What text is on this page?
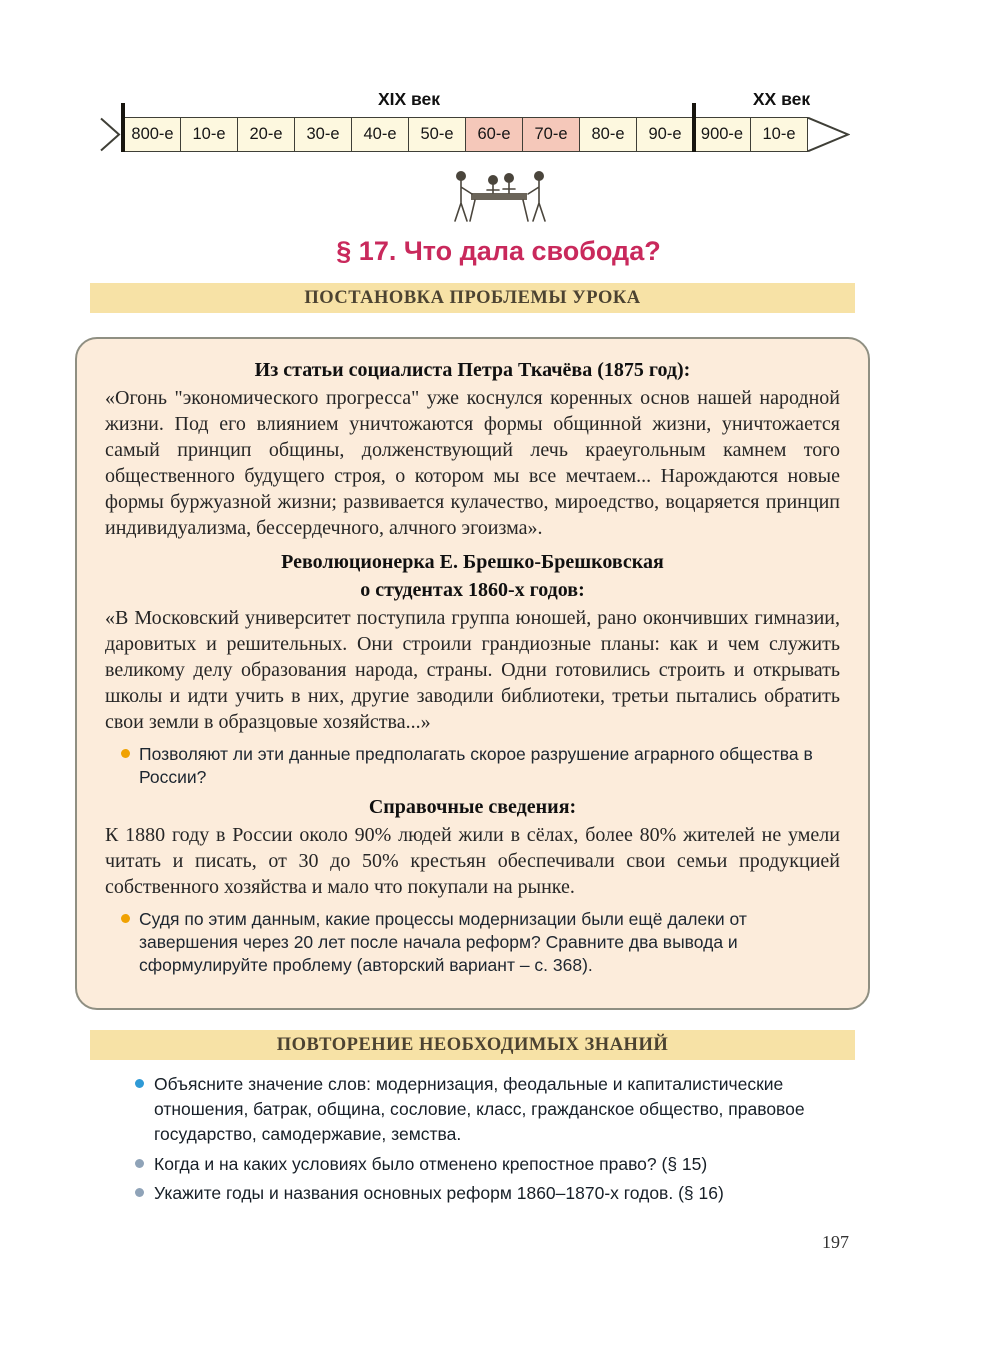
XIX век	XX век
800-е	10-е	20-е	30-е	40-е	50-е	60-е	70-е	80-е	90-е	900-е	10-е
§ 17. Что дала свобода?
ПОСТАНОВКА ПРОБЛЕМЫ УРОКА
Из статьи социалиста Петра Ткачёва (1875 год):

«Огонь "экономического прогресса" уже коснулся коренных основ нашей народной жизни. Под его влиянием уничтожаются формы общинной жизни, уничтожается самый принцип общины, долженствующий лечь краеугольным камнем того общественного будущего строя, о котором мы все мечтаем... Нарождаются новые формы буржуазной жизни; развивается кулачество, мироедство, воцаряется принцип индивидуализма, бессердечного, алчного эгоизма».

Революционерка Е. Брешко-Брешковская
о студентах 1860-х годов:

«В Московский университет поступила группа юношей, рано окончивших гимназии, даровитых и решительных. Они строили грандиозные планы: как и чем служить великому делу образования народа, страны. Одни готовились строить и открывать школы и идти учить в них, другие заводили библиотеки, третьи пытались обратить свои земли в образцовые хозяйства...»

Позволяют ли эти данные предполагать скорое разрушение аграрного общества в России?
Справочные сведения:

К 1880 году в России около 90% людей жили в сёлах, более 80% жителей не умели читать и писать, от 30 до 50% крестьян обеспечивали свои семьи продукцией собственного хозяйства и мало что покупали на рынке.

Судя по этим данным, какие процессы модернизации были ещё далеки от завершения через 20 лет после начала реформ? Сравните два вывода и сформулируйте проблему (авторский вариант – с. 368).
ПОВТОРЕНИЕ НЕОБХОДИМЫХ ЗНАНИЙ
Объясните значение слов: модернизация, феодальные и капиталистические отношения, батрак, община, сословие, класс, гражданское общество, правовое государство, самодержавие, земства.
Когда и на каких условиях было отменено крепостное право? (§ 15)
Укажите годы и названия основных реформ 1860–1870-х годов. (§ 16)
197
